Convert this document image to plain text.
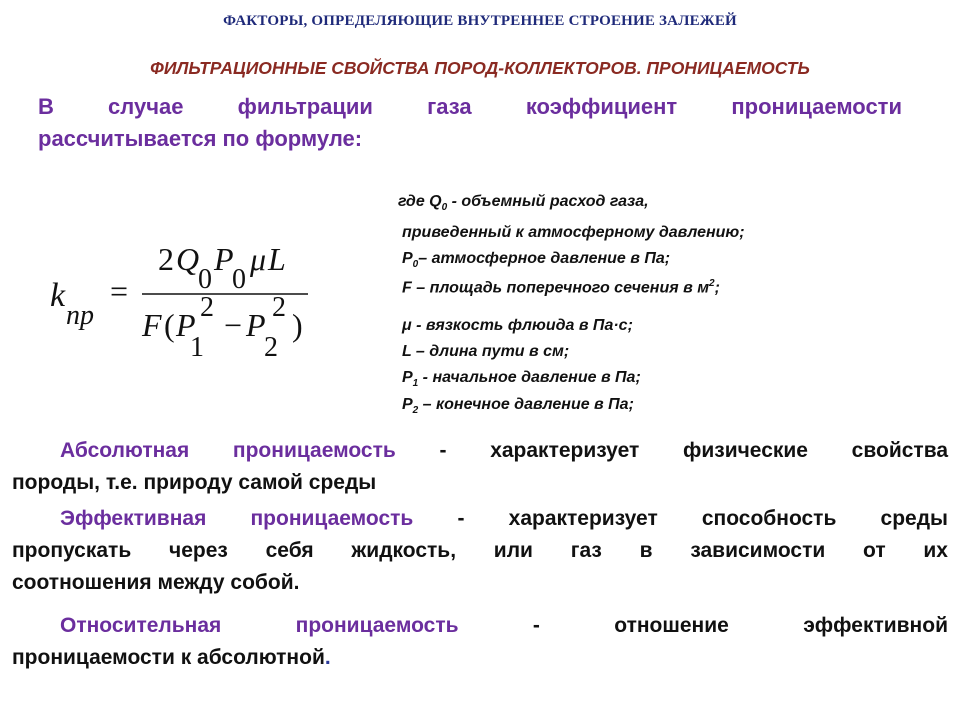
ФАКТОРЫ, ОПРЕДЕЛЯЮЩИЕ ВНУТРЕННЕЕ СТРОЕНИЕ ЗАЛЕЖЕЙ
ФИЛЬТРАЦИОННЫЕ СВОЙСТВА ПОРОД-КОЛЛЕКТОРОВ. ПРОНИЦАЕМОСТЬ
В случае фильтрации газа коэффициент проницаемости
рассчитывается по формуле:
k
пр
=
2 Q
0
P
0
μ L
F ( P 2
1
− P 2
2
)
где $Q_0$ - объемный расход газа,
приведенный к атмосферному давлению;
$P_0-$ атмосферное давление в Па;
F – площадь поперечного сечения в $м^2$;
μ - вязкость флюида в Па·с;
L – длина пути в см;
$P_1$ - начальное давление в Па;
$P_2$ – конечное давление в Па;
Абсолютная проницаемость - характеризует физические свойства
породы, т.е. природу самой среды
Эффективная проницаемость - характеризует способность среды
пропускать через себя жидкость, или газ в зависимости от их
соотношения между собой.
Относительная проницаемость - отношение эффективной
проницаемости к абсолютной.
